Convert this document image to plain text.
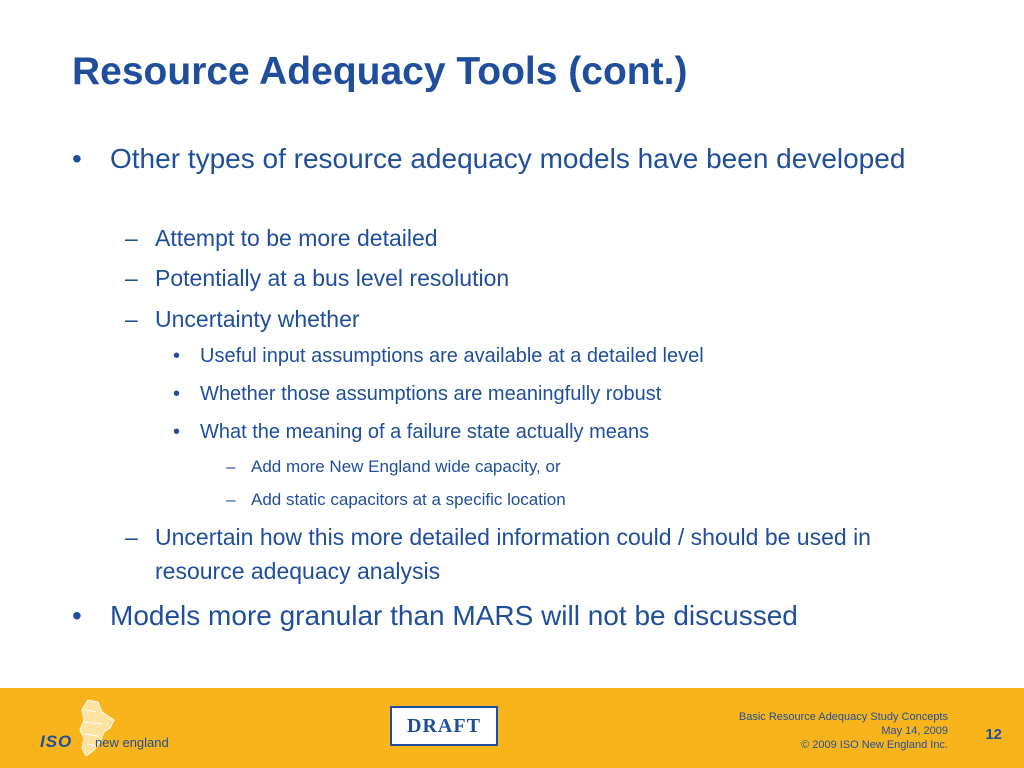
Resource Adequacy Tools (cont.)
•	Other types of resource adequacy models have been developed
– Attempt to be more detailed
– Potentially at a bus level resolution
– Uncertainty whether
• Useful input assumptions are available at a detailed level
• Whether those assumptions are meaningfully robust
• What the meaning of a failure state actually means
– Add more New England wide capacity, or
– Add static capacitors at a specific location
– Uncertain how this more detailed information could / should be used in resource adequacy analysis
•	Models more granular than MARS will not be discussed
ISO new england
DRAFT	Basic Resource Adequacy Study Concepts
May 14, 2009
© 2009 ISO New England Inc.
12
